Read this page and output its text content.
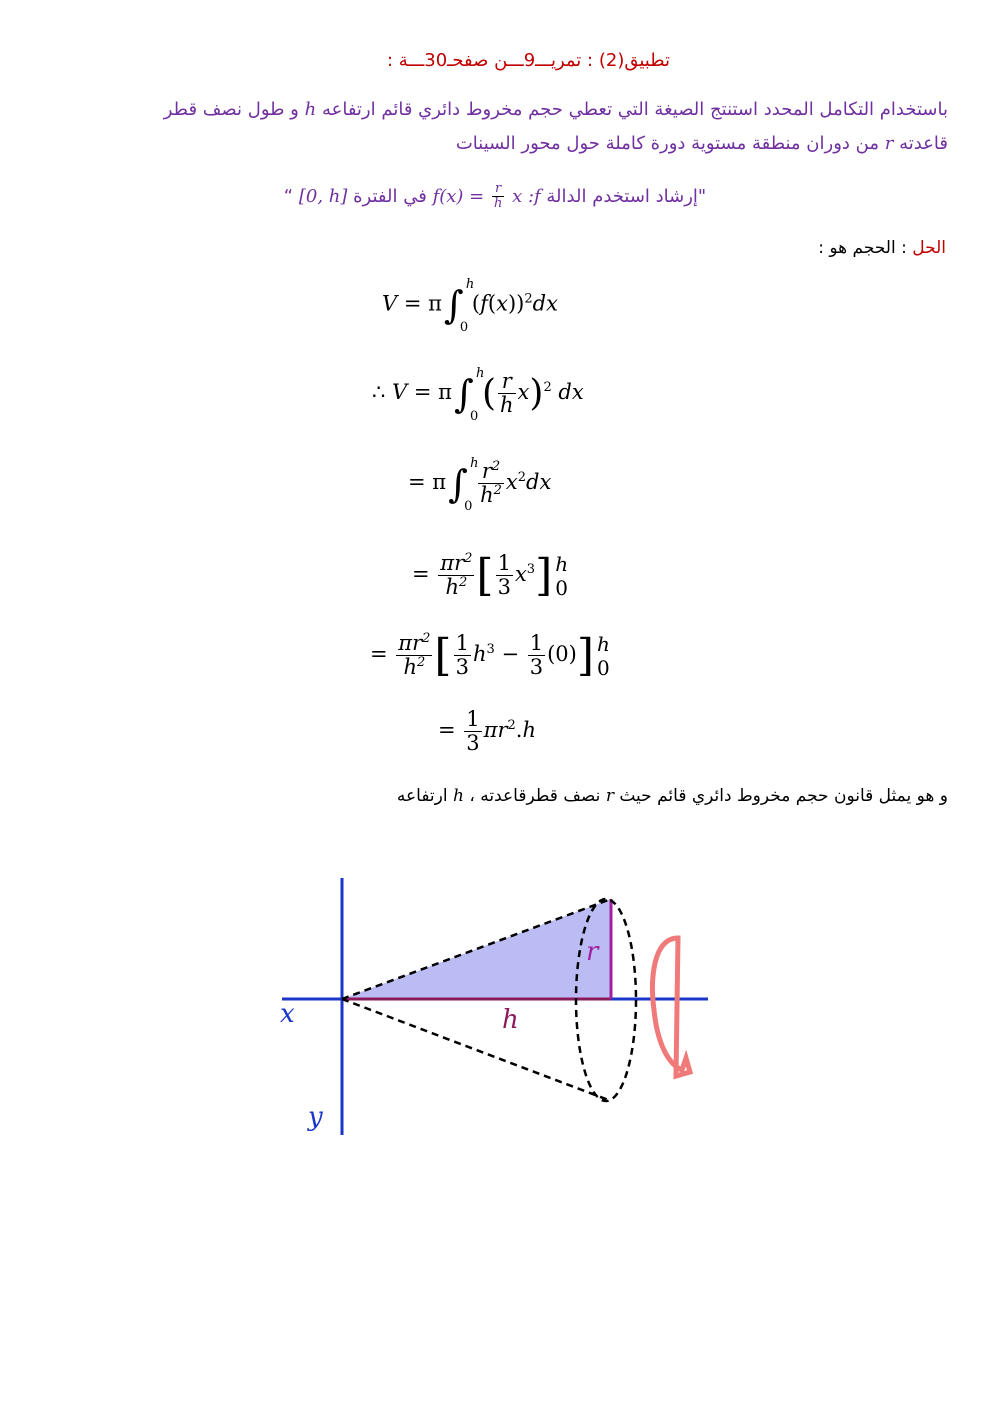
تطبيق(2) : تمريـــ9ـــن صفحـ30ـــة :
باستخدام التكامل المحدد استنتج الصيغة التي تعطي حجم مخروط دائري قائم ارتفاعه h و طول نصف قطر
قاعدته r من دوران منطقة مستوية دورة كاملة حول محور السينات
"إرشاد استخدم الدالة $f(x) = \frac{r}{h}$ x :f في الفترة [0, h] “
الحل : الحجم هو :
V = π∫ h
0
$(f(x))^2dx$
∴ V = π∫ h
0
( $\frac{r}{h} x)^2$ dx
= π∫ h
$0 \frac{r^2}{h^2} x^2dx$
= $\frac{\pi r^2}{h^2}$ [ $\frac{1}{3} x^3$] h
0
= $\frac{\pi r^2}{h^2}$ [ $\frac{1}{3} h^3 - \frac{1}{3} (0)$] h
0
= $\frac{1}{3} \pi r^2.h$
و هو يمثل قانون حجم مخروط دائري قائم حيث r نصف قطرقاعدته ، h ارتفاعه
x
y
h
r
